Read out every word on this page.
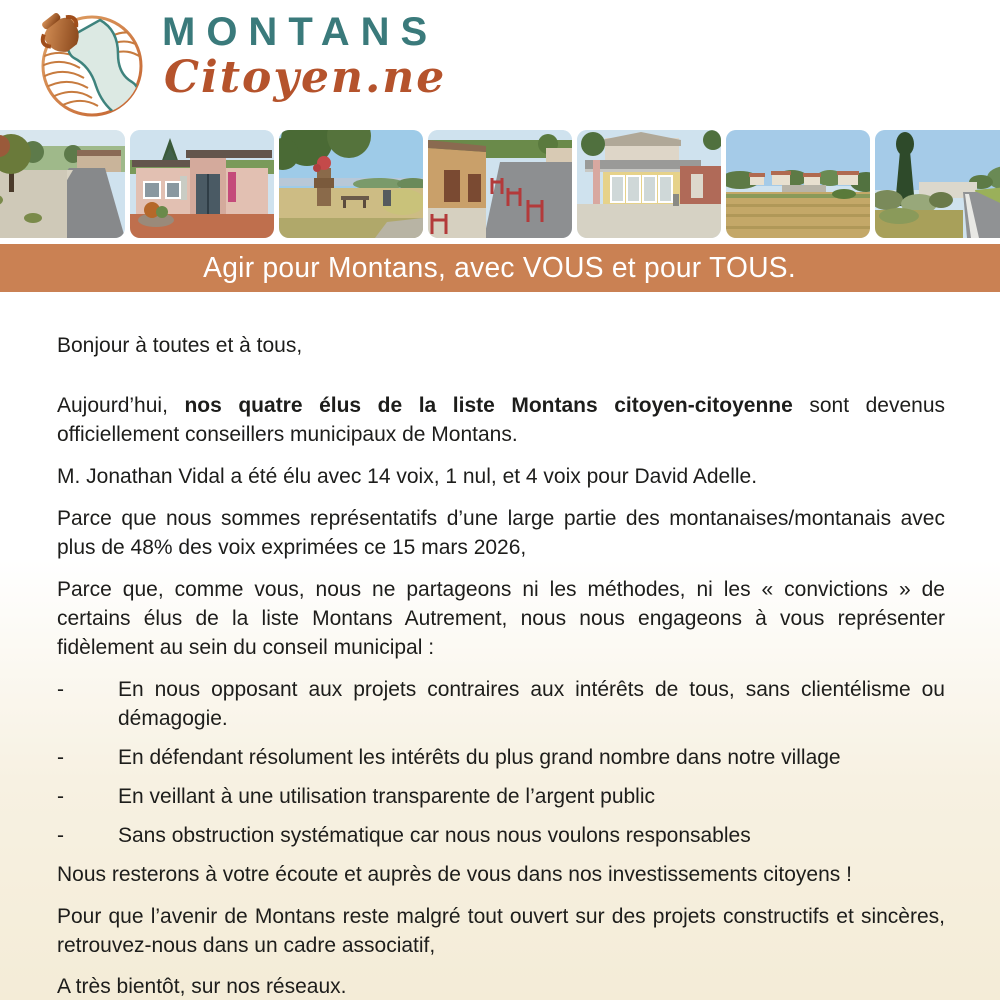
MONTANS
Citoyen.ne
Agir pour Montans, avec VOUS et pour TOUS.

Bonjour à toutes et à tous,

Aujourd’hui, nos quatre élus de la liste Montans citoyen-citoyenne sont devenus officiellement conseillers municipaux de Montans.

M. Jonathan Vidal a été élu avec 14 voix, 1 nul, et 4 voix pour David Adelle.

Parce que nous sommes représentatifs d’une large partie des montanaises/montanais avec plus de 48% des voix exprimées ce 15 mars 2026,

Parce que, comme vous, nous ne partageons ni les méthodes, ni les « convictions » de certains élus de la liste Montans Autrement, nous nous engageons à vous représenter fidèlement au sein du conseil municipal :

-	En nous opposant aux projets contraires aux intérêts de tous, sans clientélisme ou démagogie.
-	En défendant résolument les intérêts du plus grand nombre dans notre village
-	En veillant à une utilisation transparente de l’argent public
-	Sans obstruction systématique car nous nous voulons responsables

Nous resterons à votre écoute et auprès de vous dans nos investissements citoyens !

Pour que l’avenir de Montans reste malgré tout ouvert sur des projets constructifs et sincères, retrouvez-nous dans un cadre associatif,

A très bientôt, sur nos réseaux.
